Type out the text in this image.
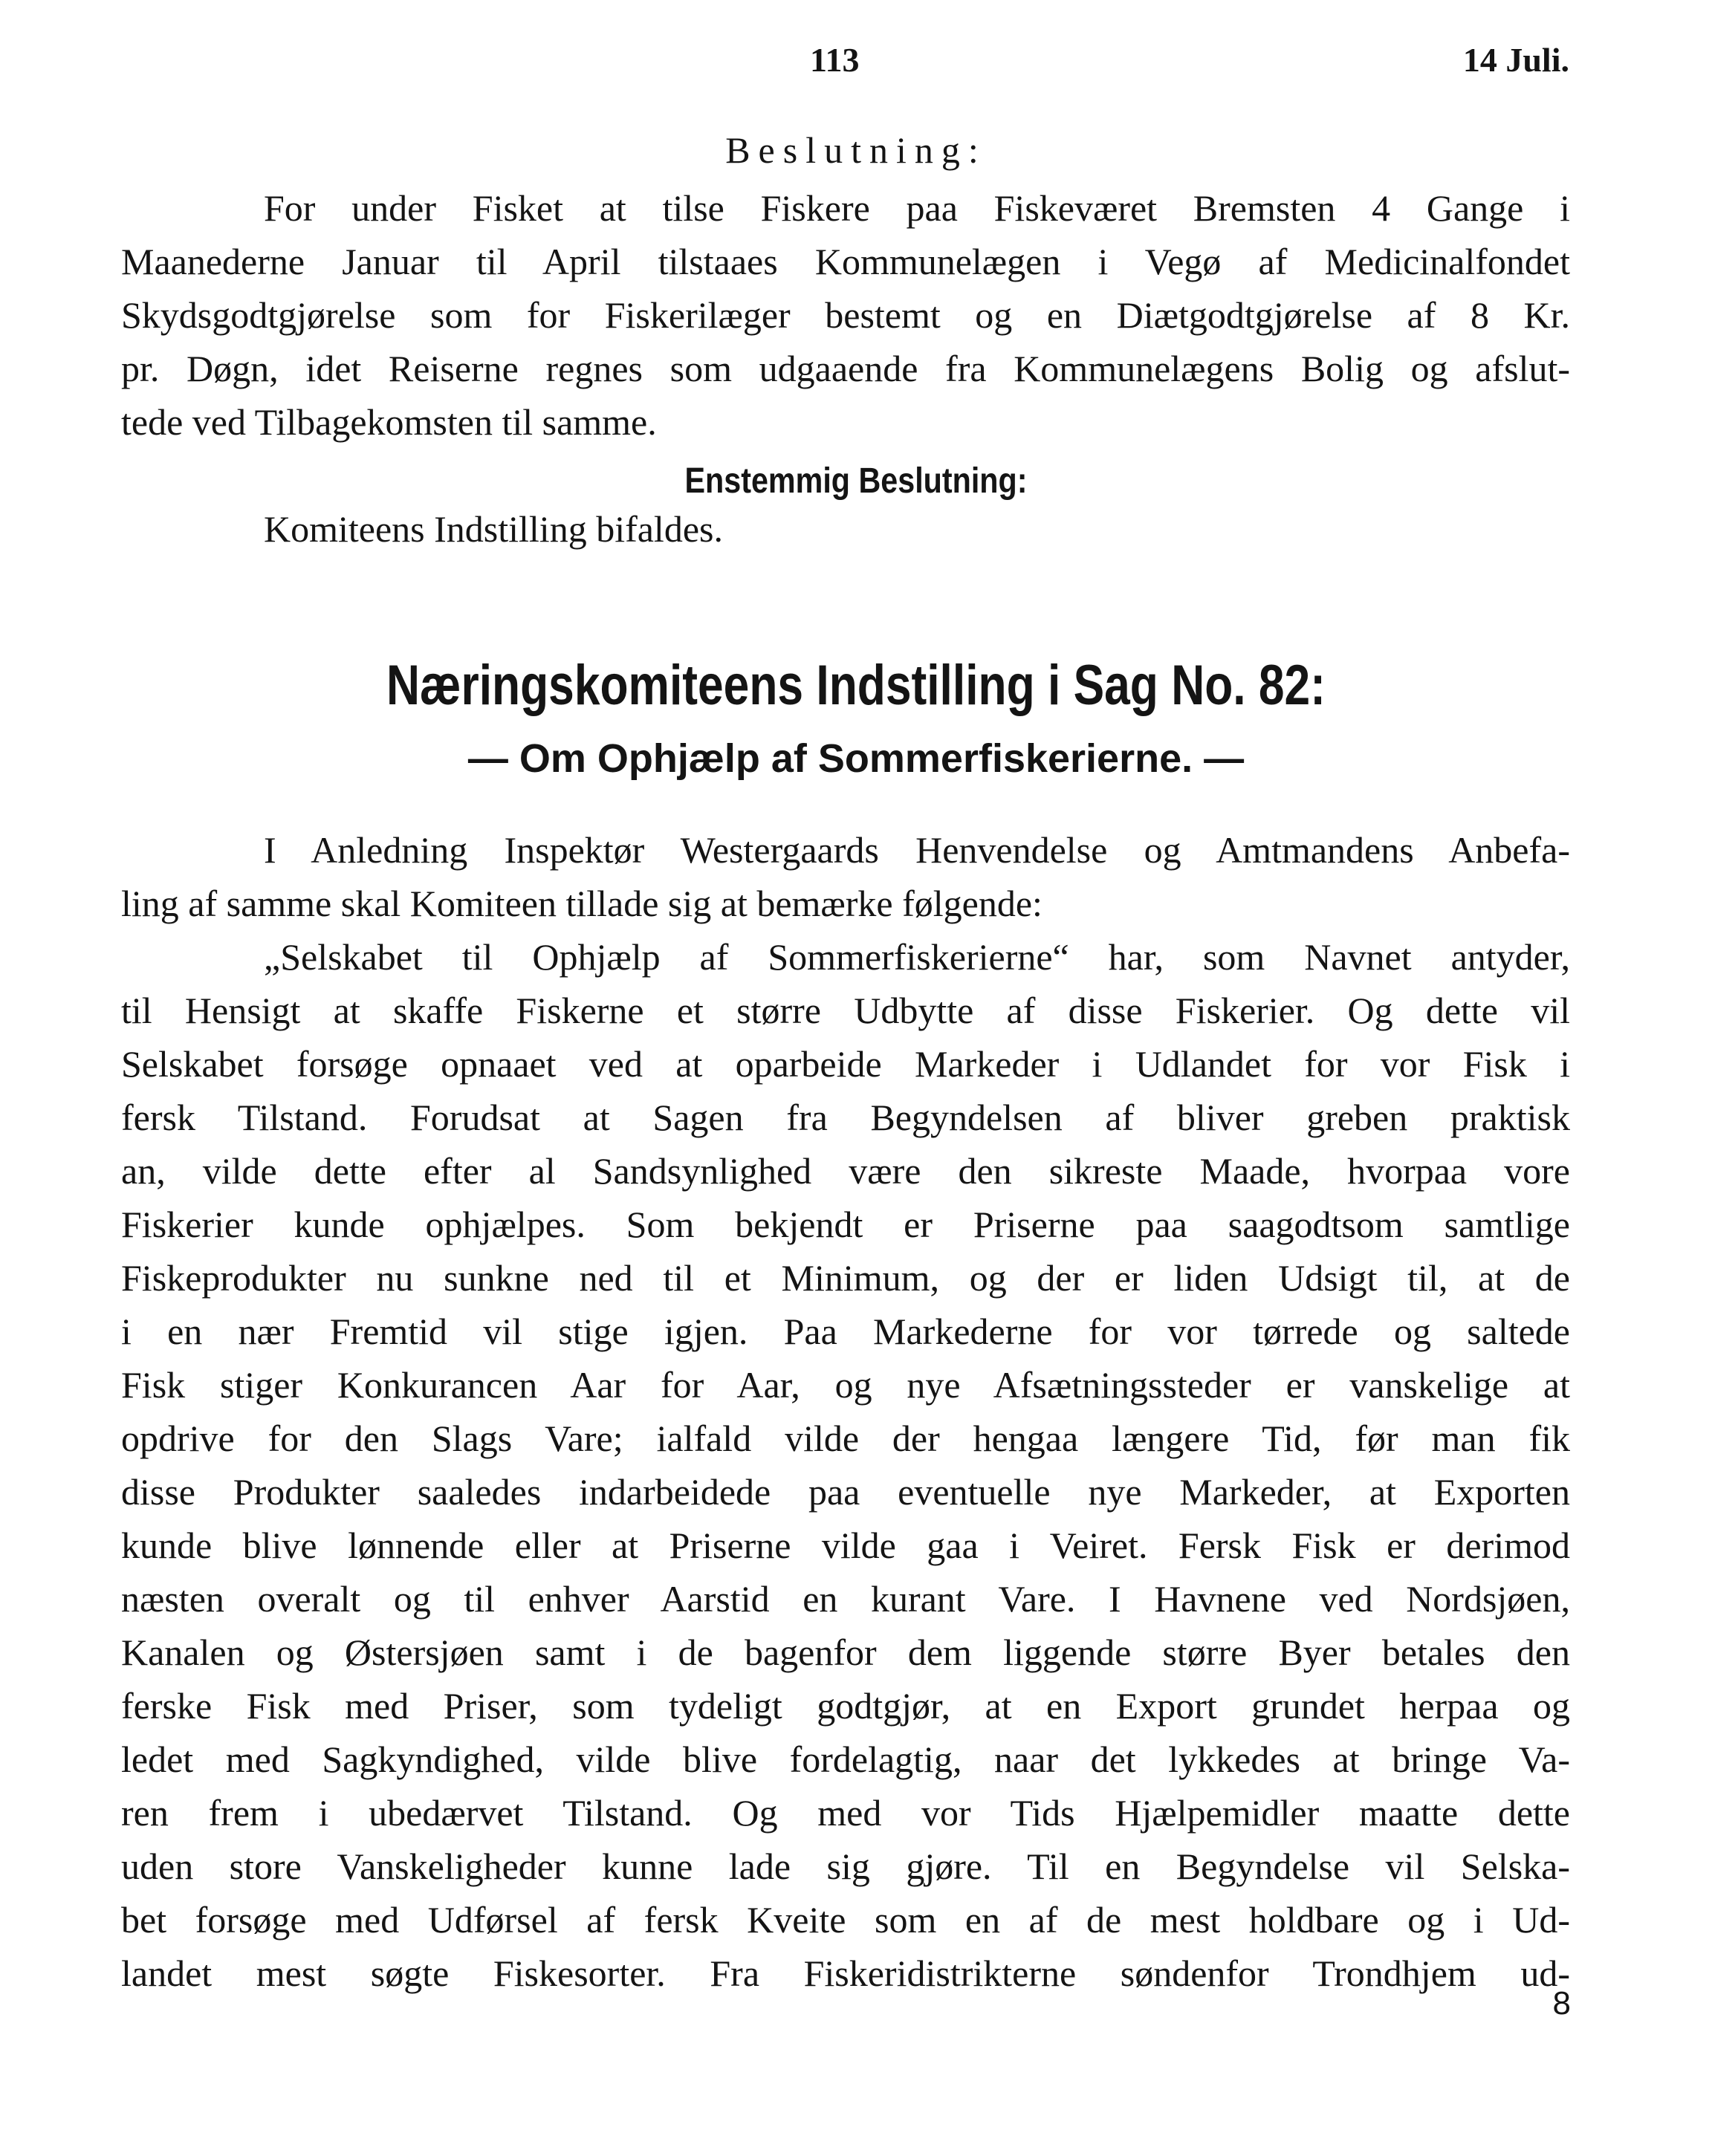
113	14 Juli.
Beslutning:
For under Fisket at tilse Fiskere paa Fiskeværet Bremsten 4 Gange i
Maanederne Januar til April tilstaaes Kommunelægen i Vegø af Medicinalfondet
Skydsgodtgjørelse som for Fiskerilæger bestemt og en Diætgodtgjørelse af 8 Kr.
pr. Døgn, idet Reiserne regnes som udgaaende fra Kommunelægens Bolig og afslut-
tede ved Tilbagekomsten til samme.
Enstemmig Beslutning:
Komiteens Indstilling bifaldes.
Næringskomiteens Indstilling i Sag No. 82:
— Om Ophjælp af Sommerfiskerierne. —
I Anledning Inspektør Westergaards Henvendelse og Amtmandens Anbefa-
ling af samme skal Komiteen tillade sig at bemærke følgende:
„Selskabet til Ophjælp af Sommerfiskerierne“ har, som Navnet antyder,
til Hensigt at skaffe Fiskerne et større Udbytte af disse Fiskerier. Og dette vil
Selskabet forsøge opnaaet ved at oparbeide Markeder i Udlandet for vor Fisk i
fersk Tilstand. Forudsat at Sagen fra Begyndelsen af bliver greben praktisk
an, vilde dette efter al Sandsynlighed være den sikreste Maade, hvorpaa vore
Fiskerier kunde ophjælpes. Som bekjendt er Priserne paa saagodtsom samtlige
Fiskeprodukter nu sunkne ned til et Minimum, og der er liden Udsigt til, at de
i en nær Fremtid vil stige igjen. Paa Markederne for vor tørrede og saltede
Fisk stiger Konkurancen Aar for Aar, og nye Afsætningssteder er vanskelige at
opdrive for den Slags Vare; ialfald vilde der hengaa længere Tid, før man fik
disse Produkter saaledes indarbeidede paa eventuelle nye Markeder, at Exporten
kunde blive lønnende eller at Priserne vilde gaa i Veiret. Fersk Fisk er derimod
næsten overalt og til enhver Aarstid en kurant Vare. I Havnene ved Nordsjøen,
Kanalen og Østersjøen samt i de bagenfor dem liggende større Byer betales den
ferske Fisk med Priser, som tydeligt godtgjør, at en Export grundet herpaa og
ledet med Sagkyndighed, vilde blive fordelagtig, naar det lykkedes at bringe Va-
ren frem i ubedærvet Tilstand. Og med vor Tids Hjælpemidler maatte dette
uden store Vanskeligheder kunne lade sig gjøre. Til en Begyndelse vil Selska-
bet forsøge med Udførsel af fersk Kveite som en af de mest holdbare og i Ud-
landet mest søgte Fiskesorter. Fra Fiskeridistrikterne søndenfor Trondhjem ud-
8
